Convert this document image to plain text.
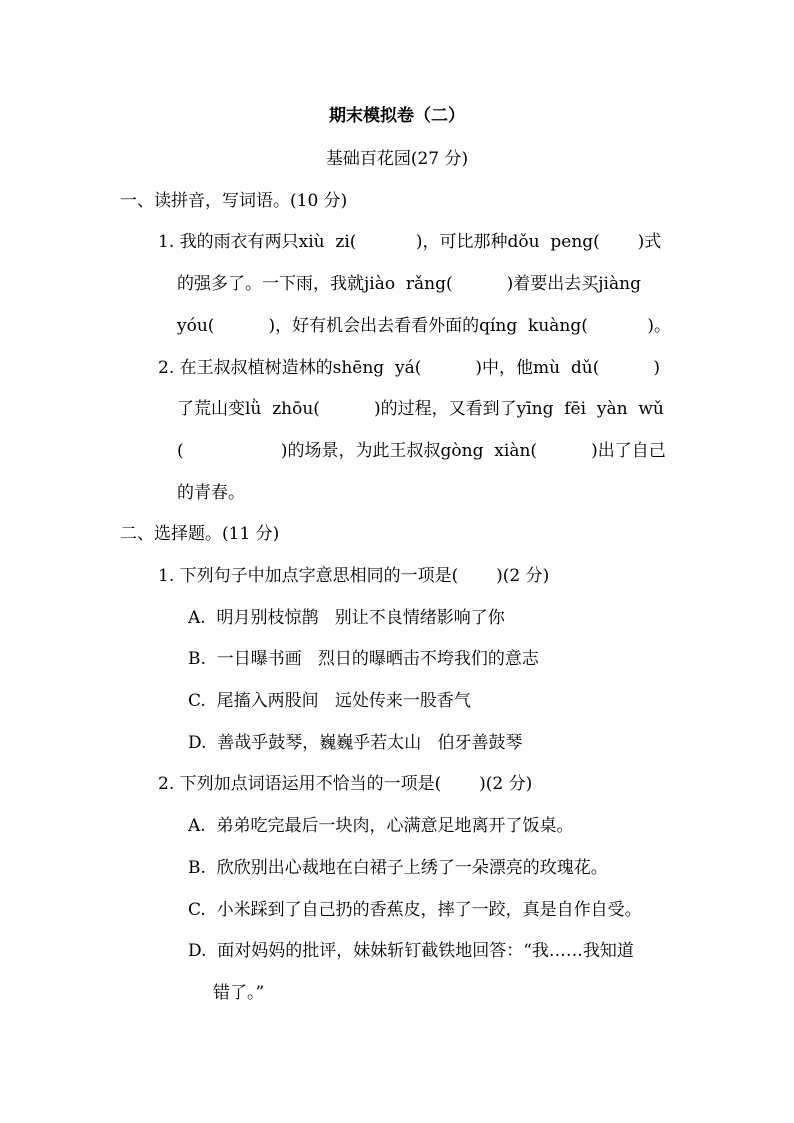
期末模拟卷（二）
基础百花园(27 分)
一、读拼音，写词语。(10 分)
1. 我的雨衣有两只xiù  zi(           )，可比那种dǒu  peng(       )式
的强多了。一下雨，我就jiào  rǎng(          )着要出去买jiàng
yóu(          )，好有机会出去看看外面的qíng  kuàng(           )。
2. 在王叔叔植树造林的shēng  yá(          )中，他mù  dǔ(          )
了荒山变lǜ  zhōu(          )的过程，又看到了yīng  fēi  yàn  wǔ
(                  )的场景，为此王叔叔gòng  xiàn(          )出了自己
的青春。
二、选择题。(11 分)
1. 下列句子中加点字意思相同的一项是(       )(2 分)
A.  明月别枝惊鹊   别让不良情绪影响了你
B.  一日曝书画   烈日的曝晒击不垮我们的意志
C.  尾搐入两股间   远处传来一股香气
D.  善哉乎鼓琴，巍巍乎若太山   伯牙善鼓琴
2. 下列加点词语运用不恰当的一项是(       )(2 分)
A.  弟弟吃完最后一块肉，心满意足地离开了饭桌。
B.  欣欣别出心裁地在白裙子上绣了一朵漂亮的玫瑰花。
C.  小米踩到了自己扔的香蕉皮，摔了一跤，真是自作自受。
D.  面对妈妈的批评，妹妹斩钉截铁地回答：“我……我知道
错了。”
